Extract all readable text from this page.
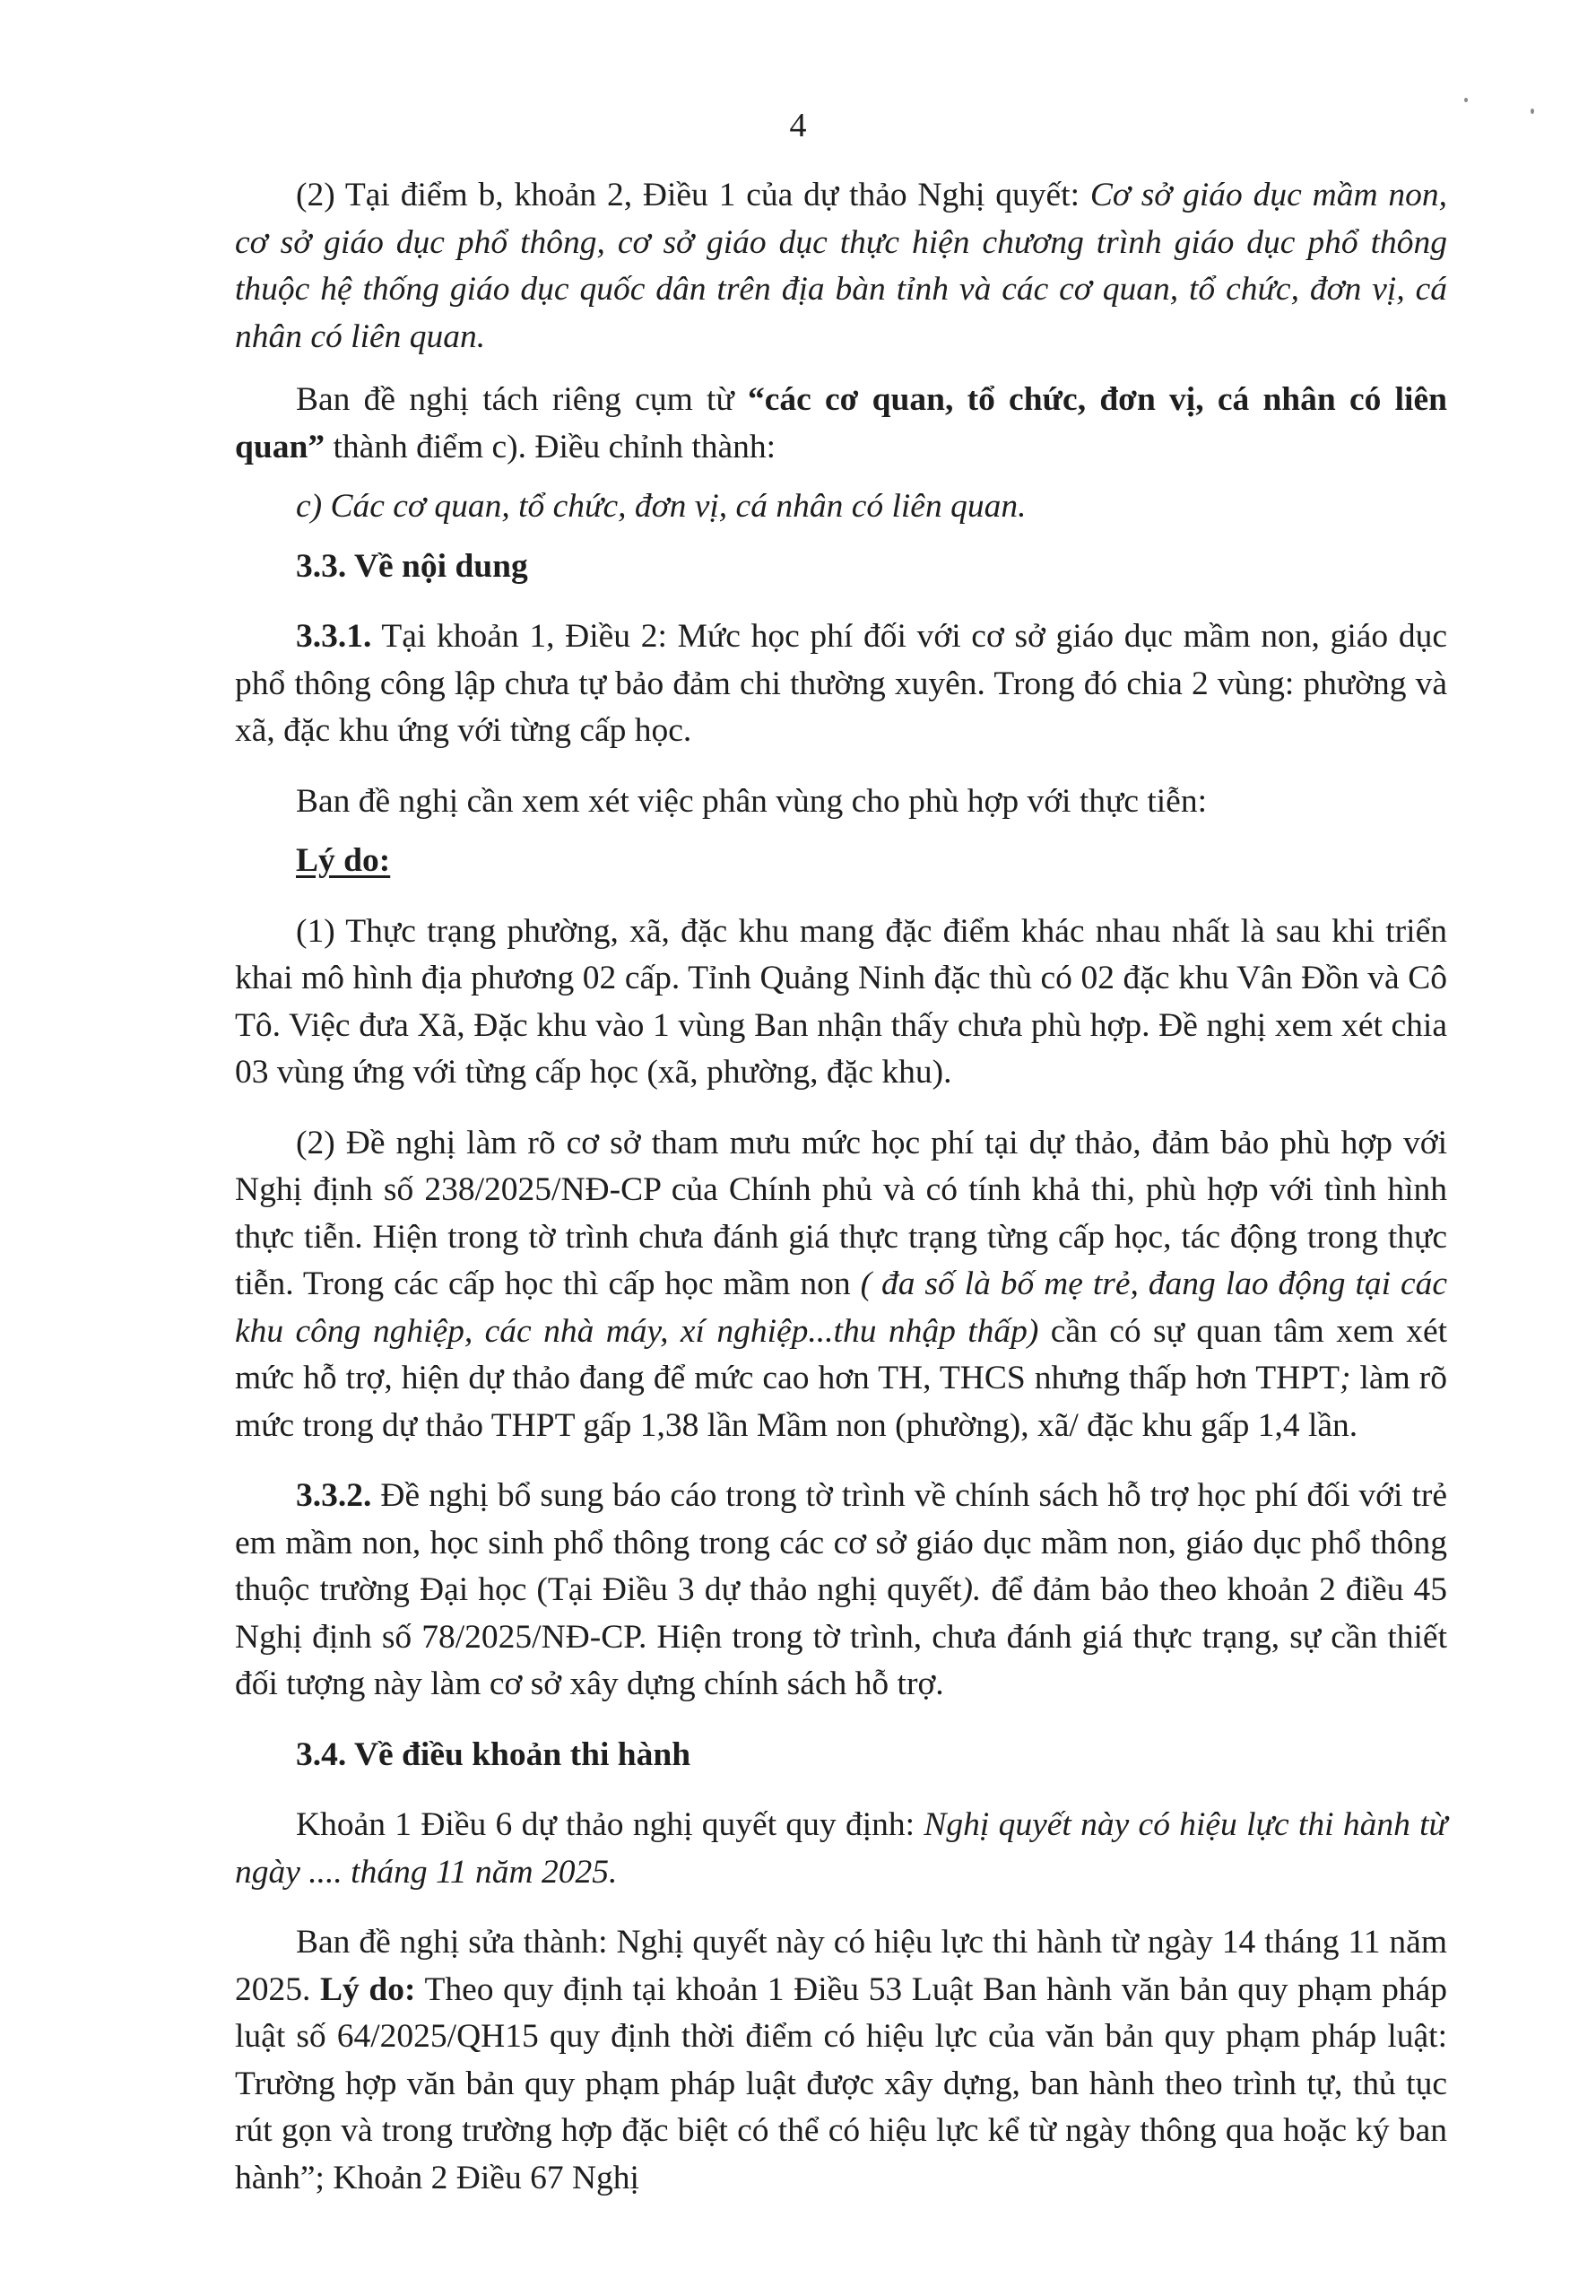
4

(2) Tại điểm b, khoản 2, Điều 1 của dự thảo Nghị quyết: Cơ sở giáo dục mầm non, cơ sở giáo dục phổ thông, cơ sở giáo dục thực hiện chương trình giáo dục phổ thông thuộc hệ thống giáo dục quốc dân trên địa bàn tỉnh và các cơ quan, tổ chức, đơn vị, cá nhân có liên quan.

Ban đề nghị tách riêng cụm từ “các cơ quan, tổ chức, đơn vị, cá nhân có liên quan” thành điểm c). Điều chỉnh thành:

c) Các cơ quan, tổ chức, đơn vị, cá nhân có liên quan.

3.3. Về nội dung

3.3.1. Tại khoản 1, Điều 2: Mức học phí đối với cơ sở giáo dục mầm non, giáo dục phổ thông công lập chưa tự bảo đảm chi thường xuyên. Trong đó chia 2 vùng: phường và xã, đặc khu ứng với từng cấp học.

Ban đề nghị cần xem xét việc phân vùng cho phù hợp với thực tiễn:

Lý do:

(1) Thực trạng phường, xã, đặc khu mang đặc điểm khác nhau nhất là sau khi triển khai mô hình địa phương 02 cấp. Tỉnh Quảng Ninh đặc thù có 02 đặc khu Vân Đồn và Cô Tô. Việc đưa Xã, Đặc khu vào 1 vùng Ban nhận thấy chưa phù hợp. Đề nghị xem xét chia 03 vùng ứng với từng cấp học (xã, phường, đặc khu).

(2) Đề nghị làm rõ cơ sở tham mưu mức học phí tại dự thảo, đảm bảo phù hợp với Nghị định số 238/2025/NĐ-CP của Chính phủ và có tính khả thi, phù hợp với tình hình thực tiễn. Hiện trong tờ trình chưa đánh giá thực trạng từng cấp học, tác động trong thực tiễn. Trong các cấp học thì cấp học mầm non ( đa số là bố mẹ trẻ, đang lao động tại các khu công nghiệp, các nhà máy, xí nghiệp...thu nhập thấp) cần có sự quan tâm xem xét mức hỗ trợ, hiện dự thảo đang để mức cao hơn TH, THCS nhưng thấp hơn THPT; làm rõ mức trong dự thảo THPT gấp 1,38 lần Mầm non (phường), xã/ đặc khu gấp 1,4 lần.

3.3.2. Đề nghị bổ sung báo cáo trong tờ trình về chính sách hỗ trợ học phí đối với trẻ em mầm non, học sinh phổ thông trong các cơ sở giáo dục mầm non, giáo dục phổ thông thuộc trường Đại học (Tại Điều 3 dự thảo nghị quyết). để đảm bảo theo khoản 2 điều 45 Nghị định số 78/2025/NĐ-CP. Hiện trong tờ trình, chưa đánh giá thực trạng, sự cần thiết đối tượng này làm cơ sở xây dựng chính sách hỗ trợ.

3.4. Về điều khoản thi hành

Khoản 1 Điều 6 dự thảo nghị quyết quy định: Nghị quyết này có hiệu lực thi hành từ ngày .... tháng 11 năm 2025.

Ban đề nghị sửa thành: Nghị quyết này có hiệu lực thi hành từ ngày 14 tháng 11 năm 2025. Lý do: Theo quy định tại khoản 1 Điều 53 Luật Ban hành văn bản quy phạm pháp luật số 64/2025/QH15 quy định thời điểm có hiệu lực của văn bản quy phạm pháp luật: Trường hợp văn bản quy phạm pháp luật được xây dựng, ban hành theo trình tự, thủ tục rút gọn và trong trường hợp đặc biệt có thể có hiệu lực kể từ ngày thông qua hoặc ký ban hành”; Khoản 2 Điều 67 Nghị
